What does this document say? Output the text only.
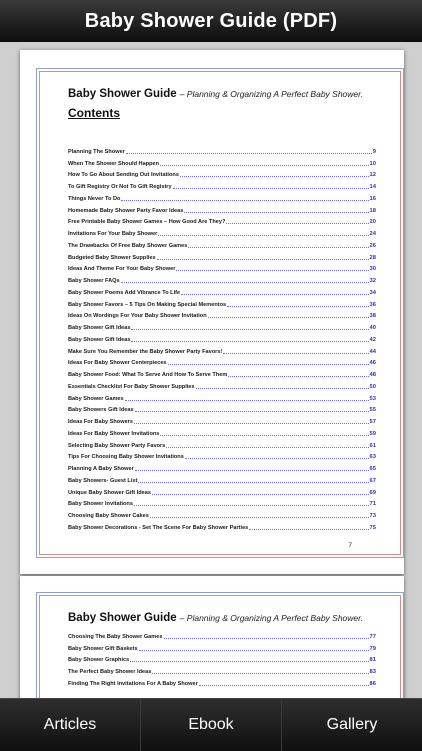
Baby Shower Guide (PDF)
Baby Shower Guide – Planning & Organizing A Perfect Baby Shower.
Contents
Planning The Shower	9
When The Shower Should Happen	10
How To Go About Sending Out Invitations	12
To Gift Registry Or Not To Gift Registry	14
Things Never To Do	16
Homemade Baby Shower Party Favor Ideas	18
Free Printable Baby Shower Games – How Good Are They?	20
Invitations For Your Baby Shower	24
The Drawbacks Of Free Baby Shower Games	26
Budgeted Baby Shower Supplies	28
Ideas And Theme For Your Baby Shower	30
Baby Shower FAQs	32
Baby Shower Poems Add Vibrance To Life	34
Baby Shower Favors – 5 Tips On Making Special Mementos	36
Ideas On Wordings For Your Baby Shower Invitation	38
Baby Shower Gift Ideas	40
Baby Shower Gift Ideas	42
Make Sure You Remember the Baby Shower Party Favors!	44
Ideas For Baby Shower Centerpieces	46
Baby Shower Food: What To Serve And How To Serve Them	48
Essentials Checklist For Baby Shower Supplies	50
Baby Shower Games	53
Baby Showers Gift Ideas	55
Ideas For Baby Showers	57
Ideas For Baby Shower Invitations	59
Selecting Baby Shower Party Favors	61
Tips For Choosing Baby Shower Invitations	63
Planning A Baby Shower	65
Baby Showers- Guest List	67
Unique Baby Shower Gift Ideas	69
Baby Shower Invitations	71
Choosing Baby Shower Cakes	73
Baby Shower Decorations - Set The Scene For Baby Shower Parties	75
7
Baby Shower Guide – Planning & Organizing A Perfect Baby Shower.
Choosing The Baby Shower Games	77
Baby Shower Gift Baskets	79
Baby Shower Graphics	81
The Perfect Baby Shower Ideas	83
Finding The Right Invitations For A Baby Shower	86
Articles	Ebook	Gallery
